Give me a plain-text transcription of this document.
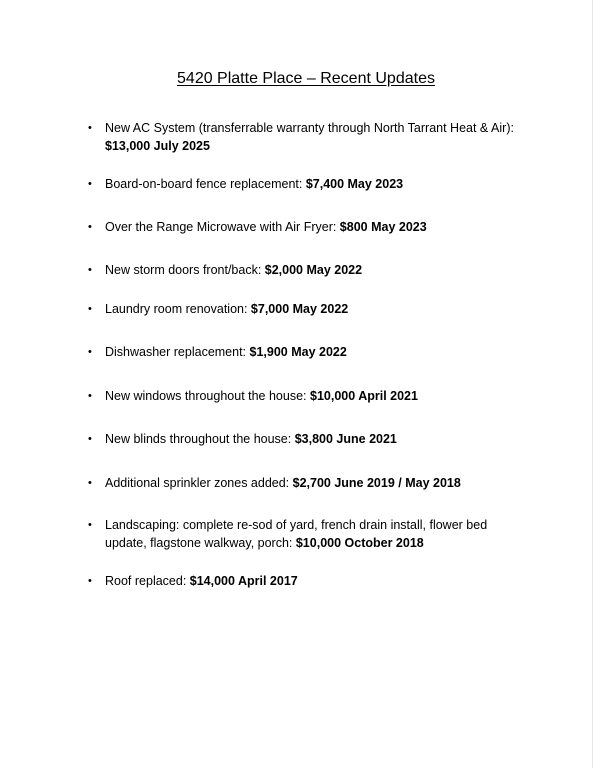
5420 Platte Place – Recent Updates
• New AC System (transferrable warranty through North Tarrant Heat & Air): $13,000 July 2025
• Board-on-board fence replacement: $7,400 May 2023
• Over the Range Microwave with Air Fryer: $800 May 2023
• New storm doors front/back: $2,000 May 2022
• Laundry room renovation: $7,000 May 2022
• Dishwasher replacement: $1,900 May 2022
• New windows throughout the house: $10,000 April 2021
• New blinds throughout the house: $3,800 June 2021
• Additional sprinkler zones added: $2,700 June 2019 / May 2018
• Landscaping: complete re-sod of yard, french drain install, flower bed update, flagstone walkway, porch: $10,000 October 2018
• Roof replaced: $14,000 April 2017
